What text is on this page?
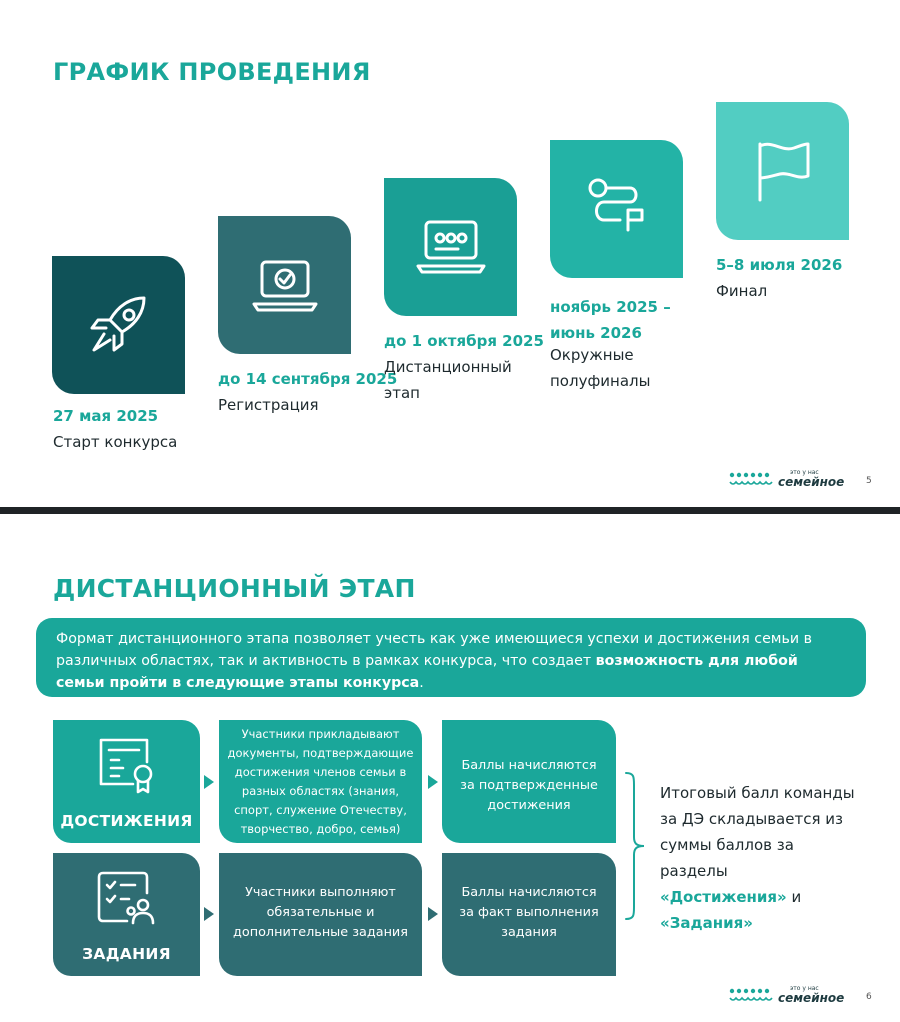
ГРАФИК ПРОВЕДЕНИЯ
27 мая 2025
Старт конкурса
до 14 сентября 2025
Регистрация
до 1 октября 2025
Дистанционный
этап
ноябрь 2025 –
июнь 2026
Окружные
полуфиналы
5–8 июля 2026
Финал
это у нас
семейное 5
ДИСТАНЦИОННЫЙ ЭТАП
Формат дистанционного этапа позволяет учесть как уже имеющиеся успехи и достижения семьи в различных областях, так и активность в рамках конкурса, что создает возможность для любой семьи пройти в следующие этапы конкурса.
ДОСТИЖЕНИЯ
Участники прикладывают
документы, подтверждающие
достижения членов семьи в
разных областях (знания,
спорт, служение Отечеству,
творчество, добро, семья)
Баллы начисляются
за подтвержденные
достижения
ЗАДАНИЯ
Участники выполняют
обязательные и
дополнительные задания
Баллы начисляются
за факт выполнения
задания
Итоговый балл команды
за ДЭ складывается из
суммы баллов за разделы
«Достижения» и
«Задания»
это у нас
семейное 6
